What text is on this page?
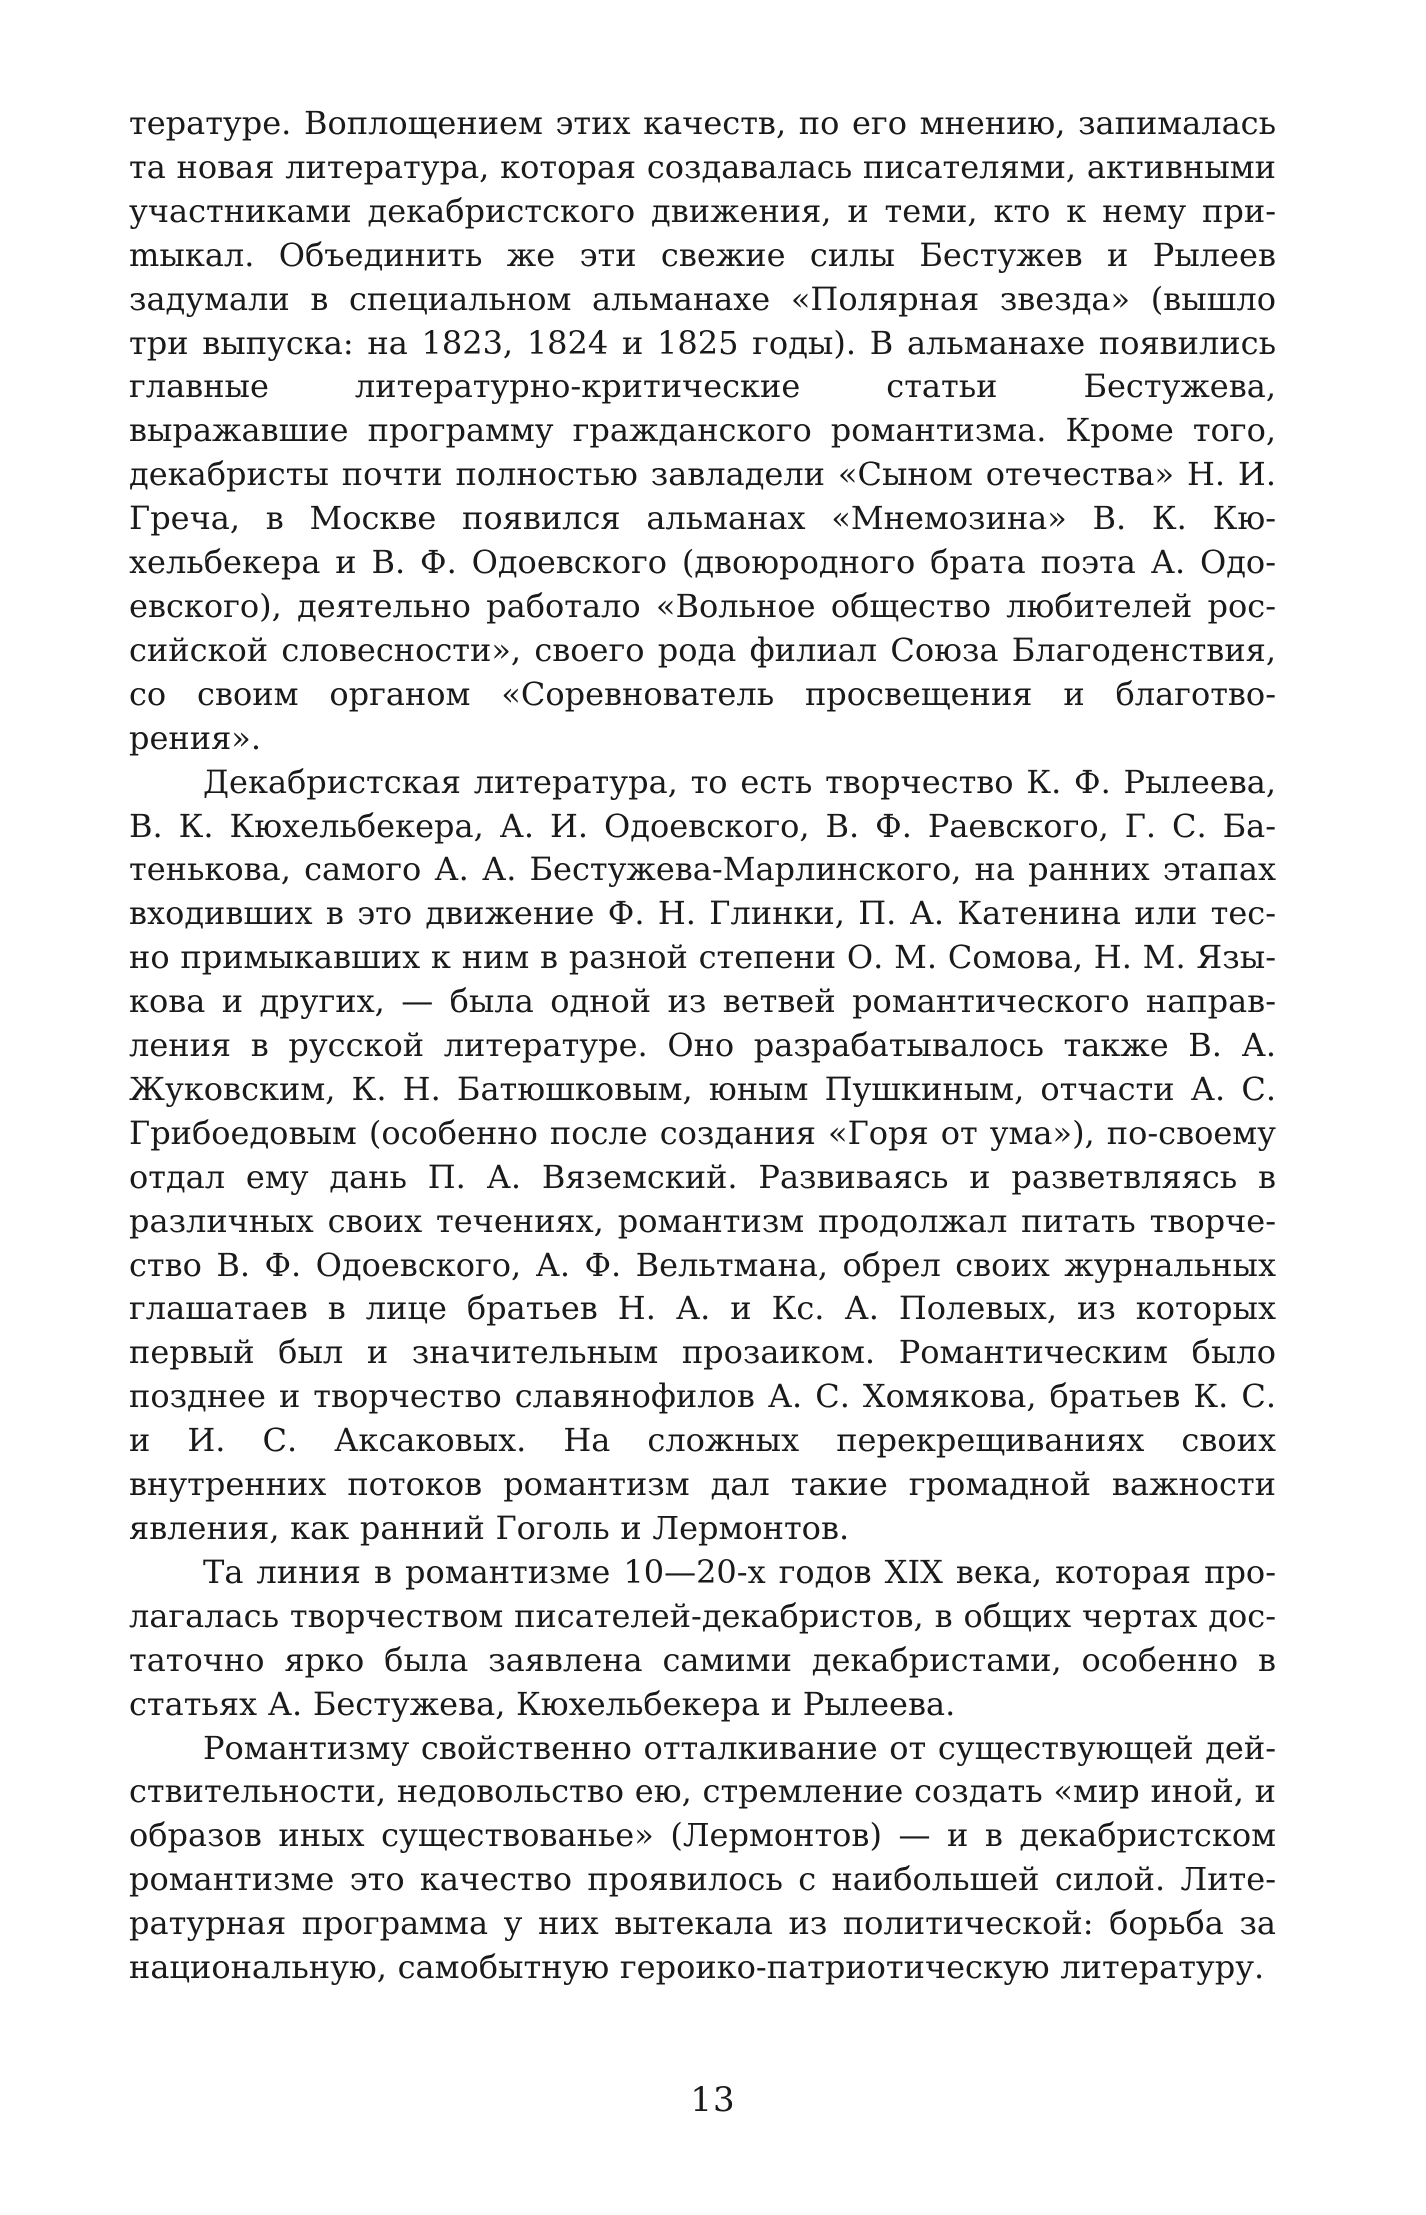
тературе. Воплощением этих качеств, по его мнению, запималась та новая литература, которая создавалась писателями, активными участниками декабристского движения, и теми, кто к нему приmыкал. Объединить же эти свежие силы Бестужев и Рылеев задумали в специальном альманахе «Полярная звезда» (вышло три выпуска: на 1823, 1824 и 1825 годы). В альманахе появились главные литературно-критические статьи Бестужева, выражавшие программу гражданского романтизма. Кроме того, декабристы почти полностью завладели «Сыном отечества» Н. И. Греча, в Москве появился альманах «Мнемозина» В. К. Кюхельбекера и В. Ф. Одоевского (двоюродного брата поэта А. Одоевского), деятельно работало «Вольное общество любителей российской словесности», своего рода филиал Союза Благоденствия, со своим органом «Соревнователь просвещения и благотворения».

Декабристская литература, то есть творчество К. Ф. Рылеева, В. К. Кюхельбекера, А. И. Одоевского, В. Ф. Раевского, Г. С. Батенькова, самого А. А. Бестужева-Марлинского, на ранних этапах входивших в это движение Ф. Н. Глинки, П. А. Катенина или тесно примыкавших к ним в разной степени О. М. Сомова, Н. М. Языкова и других, — была одной из ветвей романтического направления в русской литературе. Оно разрабатывалось также В. А. Жуковским, К. Н. Батюшковым, юным Пушкиным, отчасти А. С. Грибоедовым (особенно после создания «Горя от ума»), по-своему отдал ему дань П. А. Вяземский. Развиваясь и разветвляясь в различных своих течениях, романтизм продолжал питать творчество В. Ф. Одоевского, А. Ф. Вельтмана, обрел своих журнальных глашатаев в лице братьев Н. А. и Кс. А. Полевых, из которых первый был и значительным прозаиком. Романтическим было позднее и творчество славянофилов А. С. Хомякова, братьев К. С. и И. С. Аксаковых. На сложных перекрещиваниях своих внутренних потоков романтизм дал такие громадной важности явления, как ранний Гоголь и Лермонтов.

Та линия в романтизме 10—20-х годов XIX века, которая пролагалась творчеством писателей-декабристов, в общих чертах достаточно ярко была заявлена самими декабристами, особенно в статьях А. Бестужева, Кюхельбекера и Рылеева.

Романтизму свойственно отталкивание от существующей действительности, недовольство ею, стремление создать «мир иной, и образов иных существованье» (Лермонтов) — и в декабристском романтизме это качество проявилось с наибольшей силой. Литературная программа у них вытекала из политической: борьба за национальную, самобытную героико-патриотическую литературу.

13
